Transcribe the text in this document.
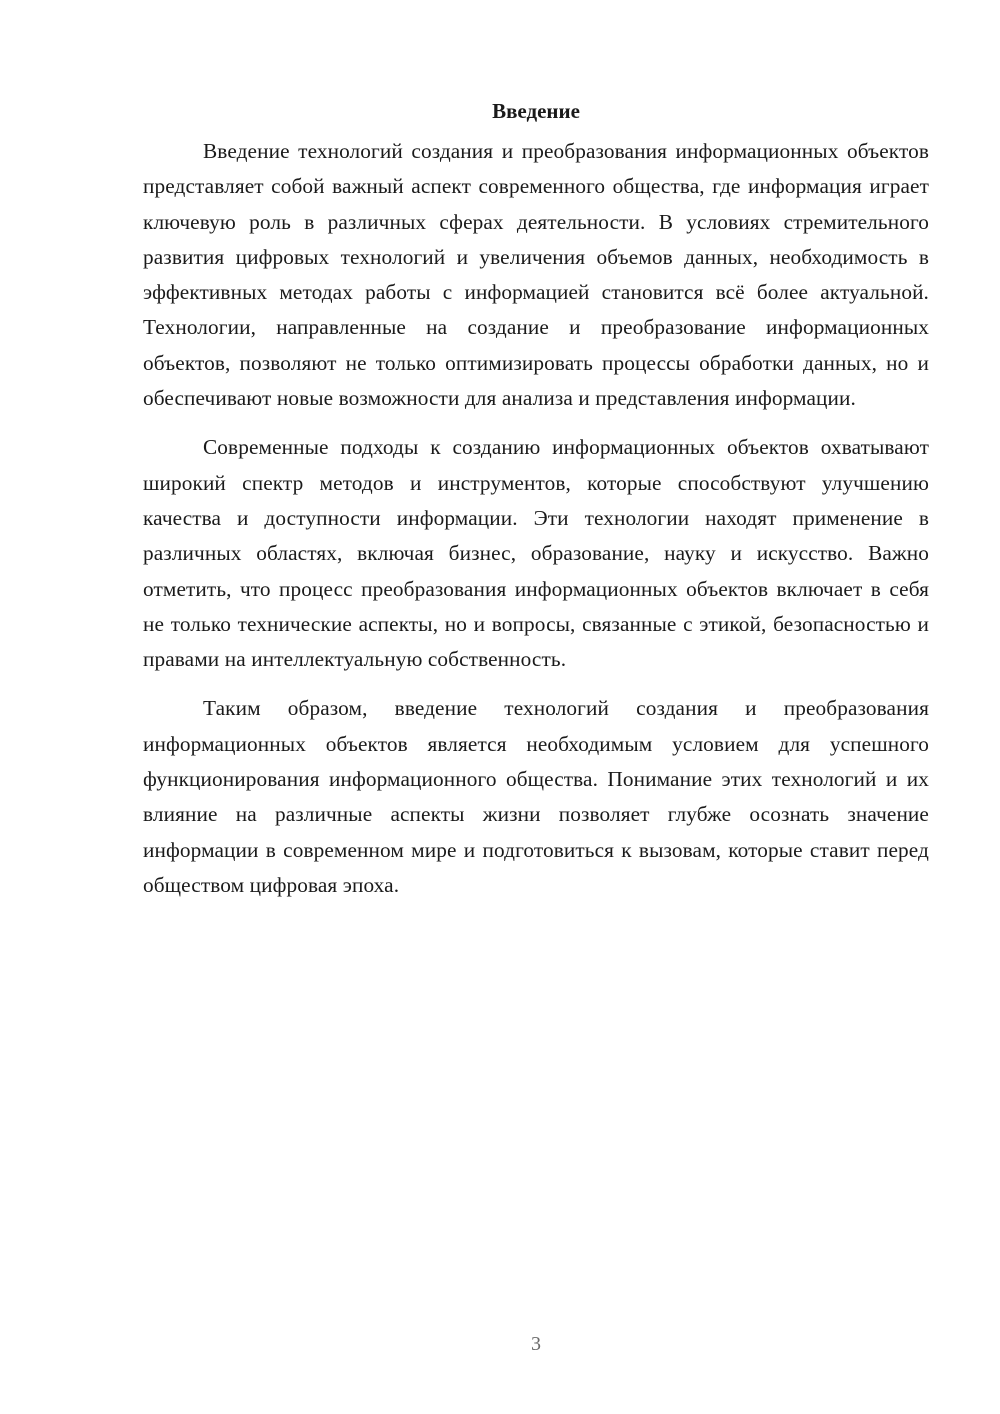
Введение

Введение технологий создания и преобразования информационных объектов представляет собой важный аспект современного общества, где информация играет ключевую роль в различных сферах деятельности. В условиях стремительного развития цифровых технологий и увеличения объемов данных, необходимость в эффективных методах работы с информацией становится всё более актуальной. Технологии, направленные на создание и преобразование информационных объектов, позволяют не только оптимизировать процессы обработки данных, но и обеспечивают новые возможности для анализа и представления информации.

Современные подходы к созданию информационных объектов охватывают широкий спектр методов и инструментов, которые способствуют улучшению качества и доступности информации. Эти технологии находят применение в различных областях, включая бизнес, образование, науку и искусство. Важно отметить, что процесс преобразования информационных объектов включает в себя не только технические аспекты, но и вопросы, связанные с этикой, безопасностью и правами на интеллектуальную собственность.

Таким образом, введение технологий создания и преобразования информационных объектов является необходимым условием для успешного функционирования информационного общества. Понимание этих технологий и их влияние на различные аспекты жизни позволяет глубже осознать значение информации в современном мире и подготовиться к вызовам, которые ставит перед обществом цифровая эпоха.

3
